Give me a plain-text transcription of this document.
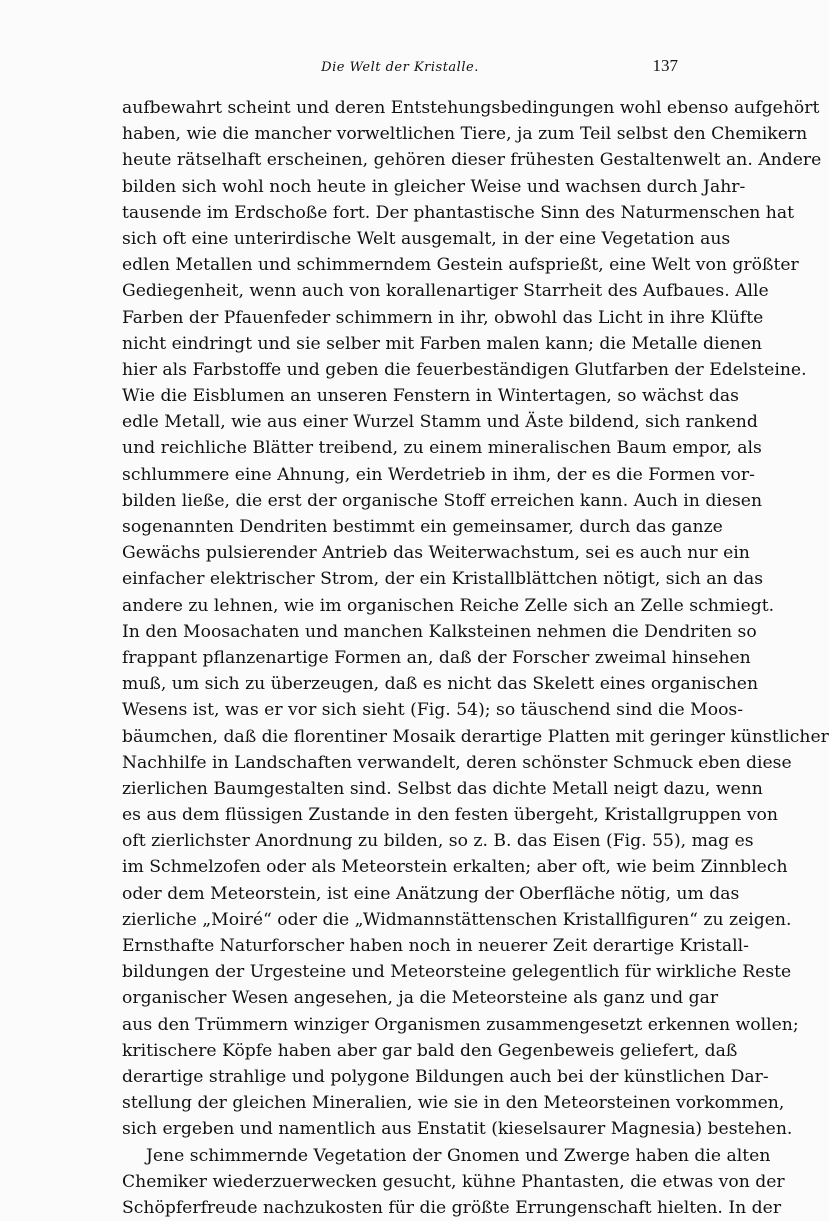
Die Welt der Kristalle.	137
aufbewahrt scheint und deren Entstehungsbedingungen wohl ebenso aufgehört
haben, wie die mancher vorweltlichen Tiere, ja zum Teil selbst den Chemikern
heute rätselhaft erscheinen, gehören dieser frühesten Gestaltenwelt an. Andere
bilden sich wohl noch heute in gleicher Weise und wachsen durch Jahr-
tausende im Erdschoße fort. Der phantastische Sinn des Naturmenschen hat
sich oft eine unterirdische Welt ausgemalt, in der eine Vegetation aus
edlen Metallen und schimmerndem Gestein aufsprießt, eine Welt von größter
Gediegenheit, wenn auch von korallenartiger Starrheit des Aufbaues. Alle
Farben der Pfauenfeder schimmern in ihr, obwohl das Licht in ihre Klüfte
nicht eindringt und sie selber mit Farben malen kann; die Metalle dienen
hier als Farbstoffe und geben die feuerbeständigen Glutfarben der Edelsteine.
Wie die Eisblumen an unseren Fenstern in Wintertagen, so wächst das
edle Metall, wie aus einer Wurzel Stamm und Äste bildend, sich rankend
und reichliche Blätter treibend, zu einem mineralischen Baum empor, als
schlummere eine Ahnung, ein Werdetrieb in ihm, der es die Formen vor-
bilden ließe, die erst der organische Stoff erreichen kann. Auch in diesen
sogenannten Dendriten bestimmt ein gemeinsamer, durch das ganze
Gewächs pulsierender Antrieb das Weiterwachstum, sei es auch nur ein
einfacher elektrischer Strom, der ein Kristallblättchen nötigt, sich an das
andere zu lehnen, wie im organischen Reiche Zelle sich an Zelle schmiegt.
In den Moosachaten und manchen Kalksteinen nehmen die Dendriten so
frappant pflanzenartige Formen an, daß der Forscher zweimal hinsehen
muß, um sich zu überzeugen, daß es nicht das Skelett eines organischen
Wesens ist, was er vor sich sieht (Fig. 54); so täuschend sind die Moos-
bäumchen, daß die florentiner Mosaik derartige Platten mit geringer künstlicher
Nachhilfe in Landschaften verwandelt, deren schönster Schmuck eben diese
zierlichen Baumgestalten sind. Selbst das dichte Metall neigt dazu, wenn
es aus dem flüssigen Zustande in den festen übergeht, Kristallgruppen von
oft zierlichster Anordnung zu bilden, so z. B. das Eisen (Fig. 55), mag es
im Schmelzofen oder als Meteorstein erkalten; aber oft, wie beim Zinnblech
oder dem Meteorstein, ist eine Anätzung der Oberfläche nötig, um das
zierliche „Moiré“ oder die „Widmannstättenschen Kristallfiguren“ zu zeigen.
Ernsthafte Naturforscher haben noch in neuerer Zeit derartige Kristall-
bildungen der Urgesteine und Meteorsteine gelegentlich für wirkliche Reste
organischer Wesen angesehen, ja die Meteorsteine als ganz und gar
aus den Trümmern winziger Organismen zusammengesetzt erkennen wollen;
kritischere Köpfe haben aber gar bald den Gegenbeweis geliefert, daß
derartige strahlige und polygone Bildungen auch bei der künstlichen Dar-
stellung der gleichen Mineralien, wie sie in den Meteorsteinen vorkommen,
sich ergeben und namentlich aus Enstatit (kieselsaurer Magnesia) bestehen.
Jene schimmernde Vegetation der Gnomen und Zwerge haben die alten
Chemiker wiederzuerwecken gesucht, kühne Phantasten, die etwas von der
Schöpferfreude nachzukosten für die größte Errungenschaft hielten. In der
